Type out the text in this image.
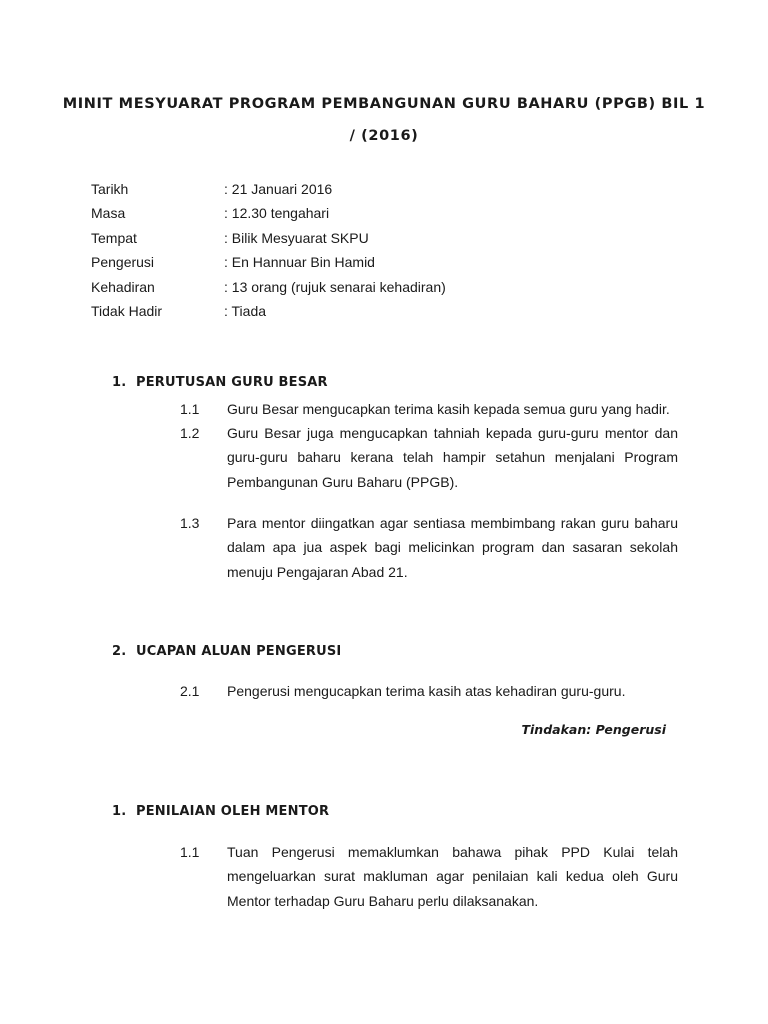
MINIT MESYUARAT PROGRAM PEMBANGUNAN GURU BAHARU (PPGB) BIL 1 / (2016)
Tarikh	: 21 Januari 2016
Masa	: 12.30 tengahari
Tempat	: Bilik Mesyuarat SKPU
Pengerusi	: En Hannuar Bin Hamid
Kehadiran	: 13 orang (rujuk senarai kehadiran)
Tidak Hadir	: Tiada
1. PERUTUSAN GURU BESAR
1.1 Guru Besar mengucapkan terima kasih kepada semua guru yang hadir.
1.2 Guru Besar juga mengucapkan tahniah kepada guru-guru mentor dan guru-guru baharu kerana telah hampir setahun menjalani Program Pembangunan Guru Baharu (PPGB).
1.3 Para mentor diingatkan agar sentiasa membimbang rakan guru baharu dalam apa jua aspek bagi melicinkan program dan sasaran sekolah menuju Pengajaran Abad 21.
2. UCAPAN ALUAN PENGERUSI
2.1 Pengerusi mengucapkan terima kasih atas kehadiran guru-guru.
Tindakan: Pengerusi
1. PENILAIAN OLEH MENTOR
1.1 Tuan Pengerusi memaklumkan bahawa pihak PPD Kulai telah mengeluarkan surat makluman agar penilaian kali kedua oleh Guru Mentor terhadap Guru Baharu perlu dilaksanakan.
